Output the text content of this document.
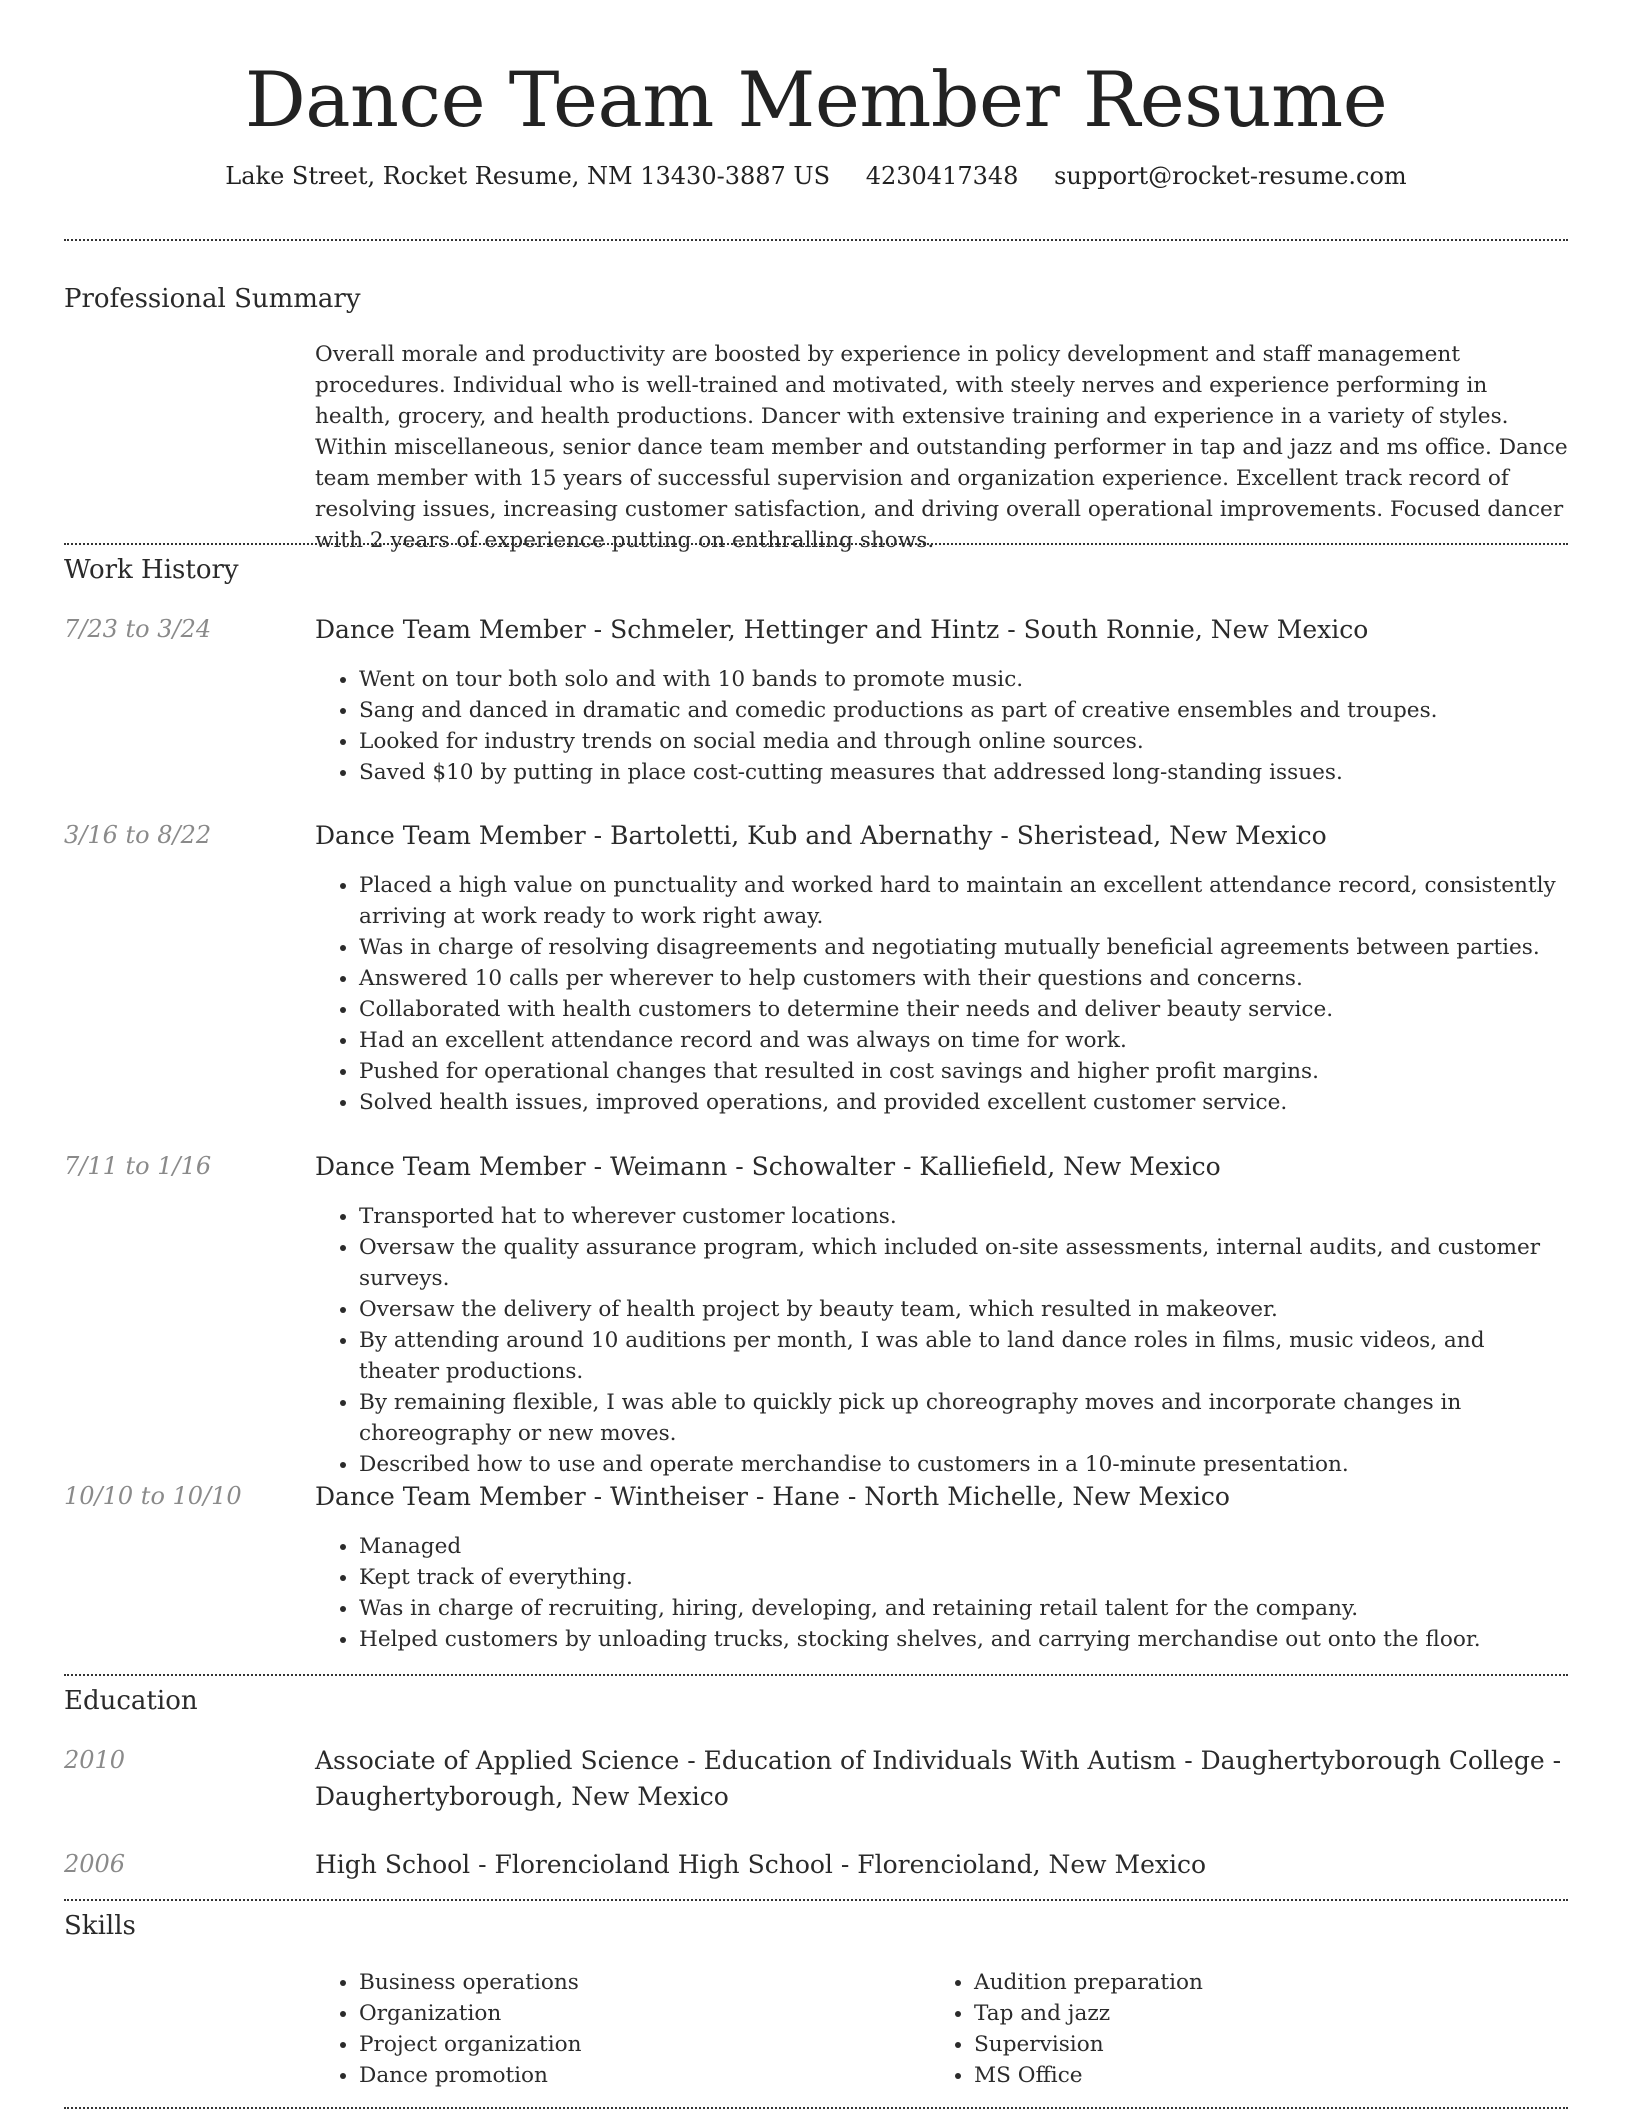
Dance Team Member Resume
Lake Street, Rocket Resume, NM 13430-3887 US 4230417348 support@rocket-resume.com
Professional Summary
Overall morale and productivity are boosted by experience in policy development and staff management procedures. Individual who is well-trained and motivated, with steely nerves and experience performing in health, grocery, and health productions. Dancer with extensive training and experience in a variety of styles. Within miscellaneous, senior dance team member and outstanding performer in tap and jazz and ms office. Dance team member with 15 years of successful supervision and organization experience. Excellent track record of resolving issues, increasing customer satisfaction, and driving overall operational improvements. Focused dancer with 2 years of experience putting on enthralling shows.
Work History
7/23 to 3/24	Dance Team Member - Schmeler, Hettinger and Hintz - South Ronnie, New Mexico
• Went on tour both solo and with 10 bands to promote music.
• Sang and danced in dramatic and comedic productions as part of creative ensembles and troupes.
• Looked for industry trends on social media and through online sources.
• Saved $10 by putting in place cost-cutting measures that addressed long-standing issues.
3/16 to 8/22	Dance Team Member - Bartoletti, Kub and Abernathy - Sheristead, New Mexico
• Placed a high value on punctuality and worked hard to maintain an excellent attendance record, consistently arriving at work ready to work right away.
• Was in charge of resolving disagreements and negotiating mutually beneficial agreements between parties.
• Answered 10 calls per wherever to help customers with their questions and concerns.
• Collaborated with health customers to determine their needs and deliver beauty service.
• Had an excellent attendance record and was always on time for work.
• Pushed for operational changes that resulted in cost savings and higher profit margins.
• Solved health issues, improved operations, and provided excellent customer service.
7/11 to 1/16	Dance Team Member - Weimann - Schowalter - Kalliefield, New Mexico
• Transported hat to wherever customer locations.
• Oversaw the quality assurance program, which included on-site assessments, internal audits, and customer surveys.
• Oversaw the delivery of health project by beauty team, which resulted in makeover.
• By attending around 10 auditions per month, I was able to land dance roles in films, music videos, and theater productions.
• By remaining flexible, I was able to quickly pick up choreography moves and incorporate changes in choreography or new moves.
• Described how to use and operate merchandise to customers in a 10-minute presentation.
10/10 to 10/10	Dance Team Member - Wintheiser - Hane - North Michelle, New Mexico
• Managed
• Kept track of everything.
• Was in charge of recruiting, hiring, developing, and retaining retail talent for the company.
• Helped customers by unloading trucks, stocking shelves, and carrying merchandise out onto the floor.
Education
2010	Associate of Applied Science - Education of Individuals With Autism - Daughertyborough College - Daughertyborough, New Mexico
2006	High School - Florencioland High School - Florencioland, New Mexico
Skills
• Business operations
• Organization
• Project organization
• Dance promotion
• Audition preparation
• Tap and jazz
• Supervision
• MS Office
